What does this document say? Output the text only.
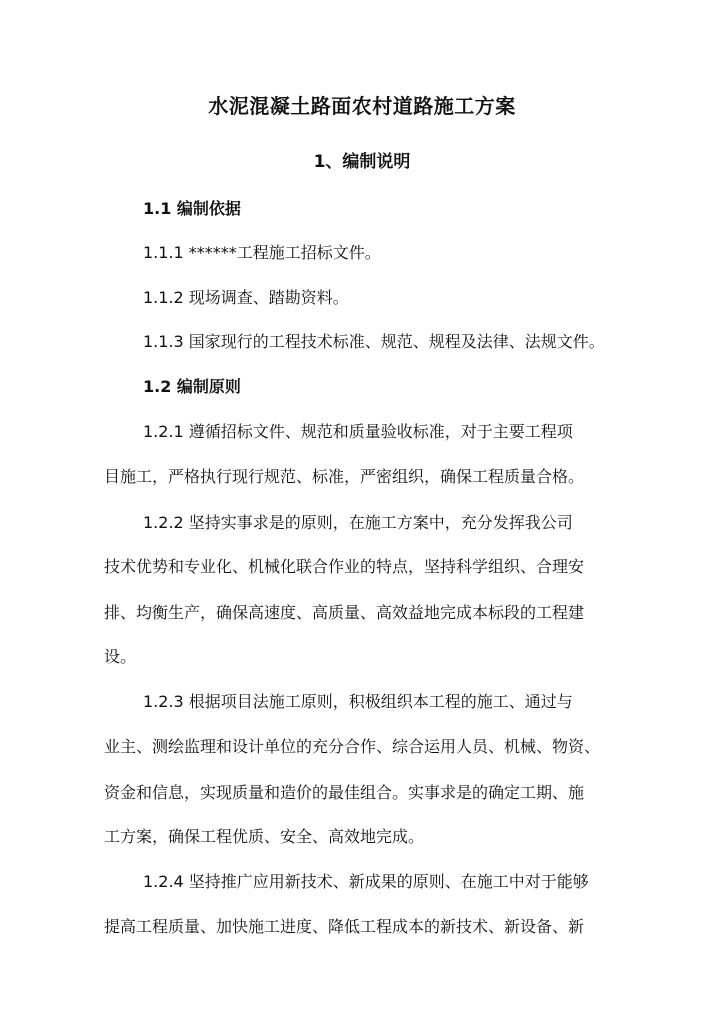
水泥混凝土路面农村道路施工方案
1、编制说明
1.1 编制依据
1.1.1 ******工程施工招标文件。
1.1.2 现场调查、踏勘资料。
1.1.3 国家现行的工程技术标准、规范、规程及法律、法规文件。
1.2 编制原则
1.2.1 遵循招标文件、规范和质量验收标准，对于主要工程项
目施工，严格执行现行规范、标准，严密组织，确保工程质量合格。
1.2.2 坚持实事求是的原则，在施工方案中，充分发挥我公司
技术优势和专业化、机械化联合作业的特点，坚持科学组织、合理安
排、均衡生产，确保高速度、高质量、高效益地完成本标段的工程建
设。
1.2.3 根据项目法施工原则，积极组织本工程的施工、通过与
业主、测绘监理和设计单位的充分合作、综合运用人员、机械、物资、
资金和信息，实现质量和造价的最佳组合。实事求是的确定工期、施
工方案，确保工程优质、安全、高效地完成。
1.2.4 坚持推广应用新技术、新成果的原则、在施工中对于能够
提高工程质量、加快施工进度、降低工程成本的新技术、新设备、新
